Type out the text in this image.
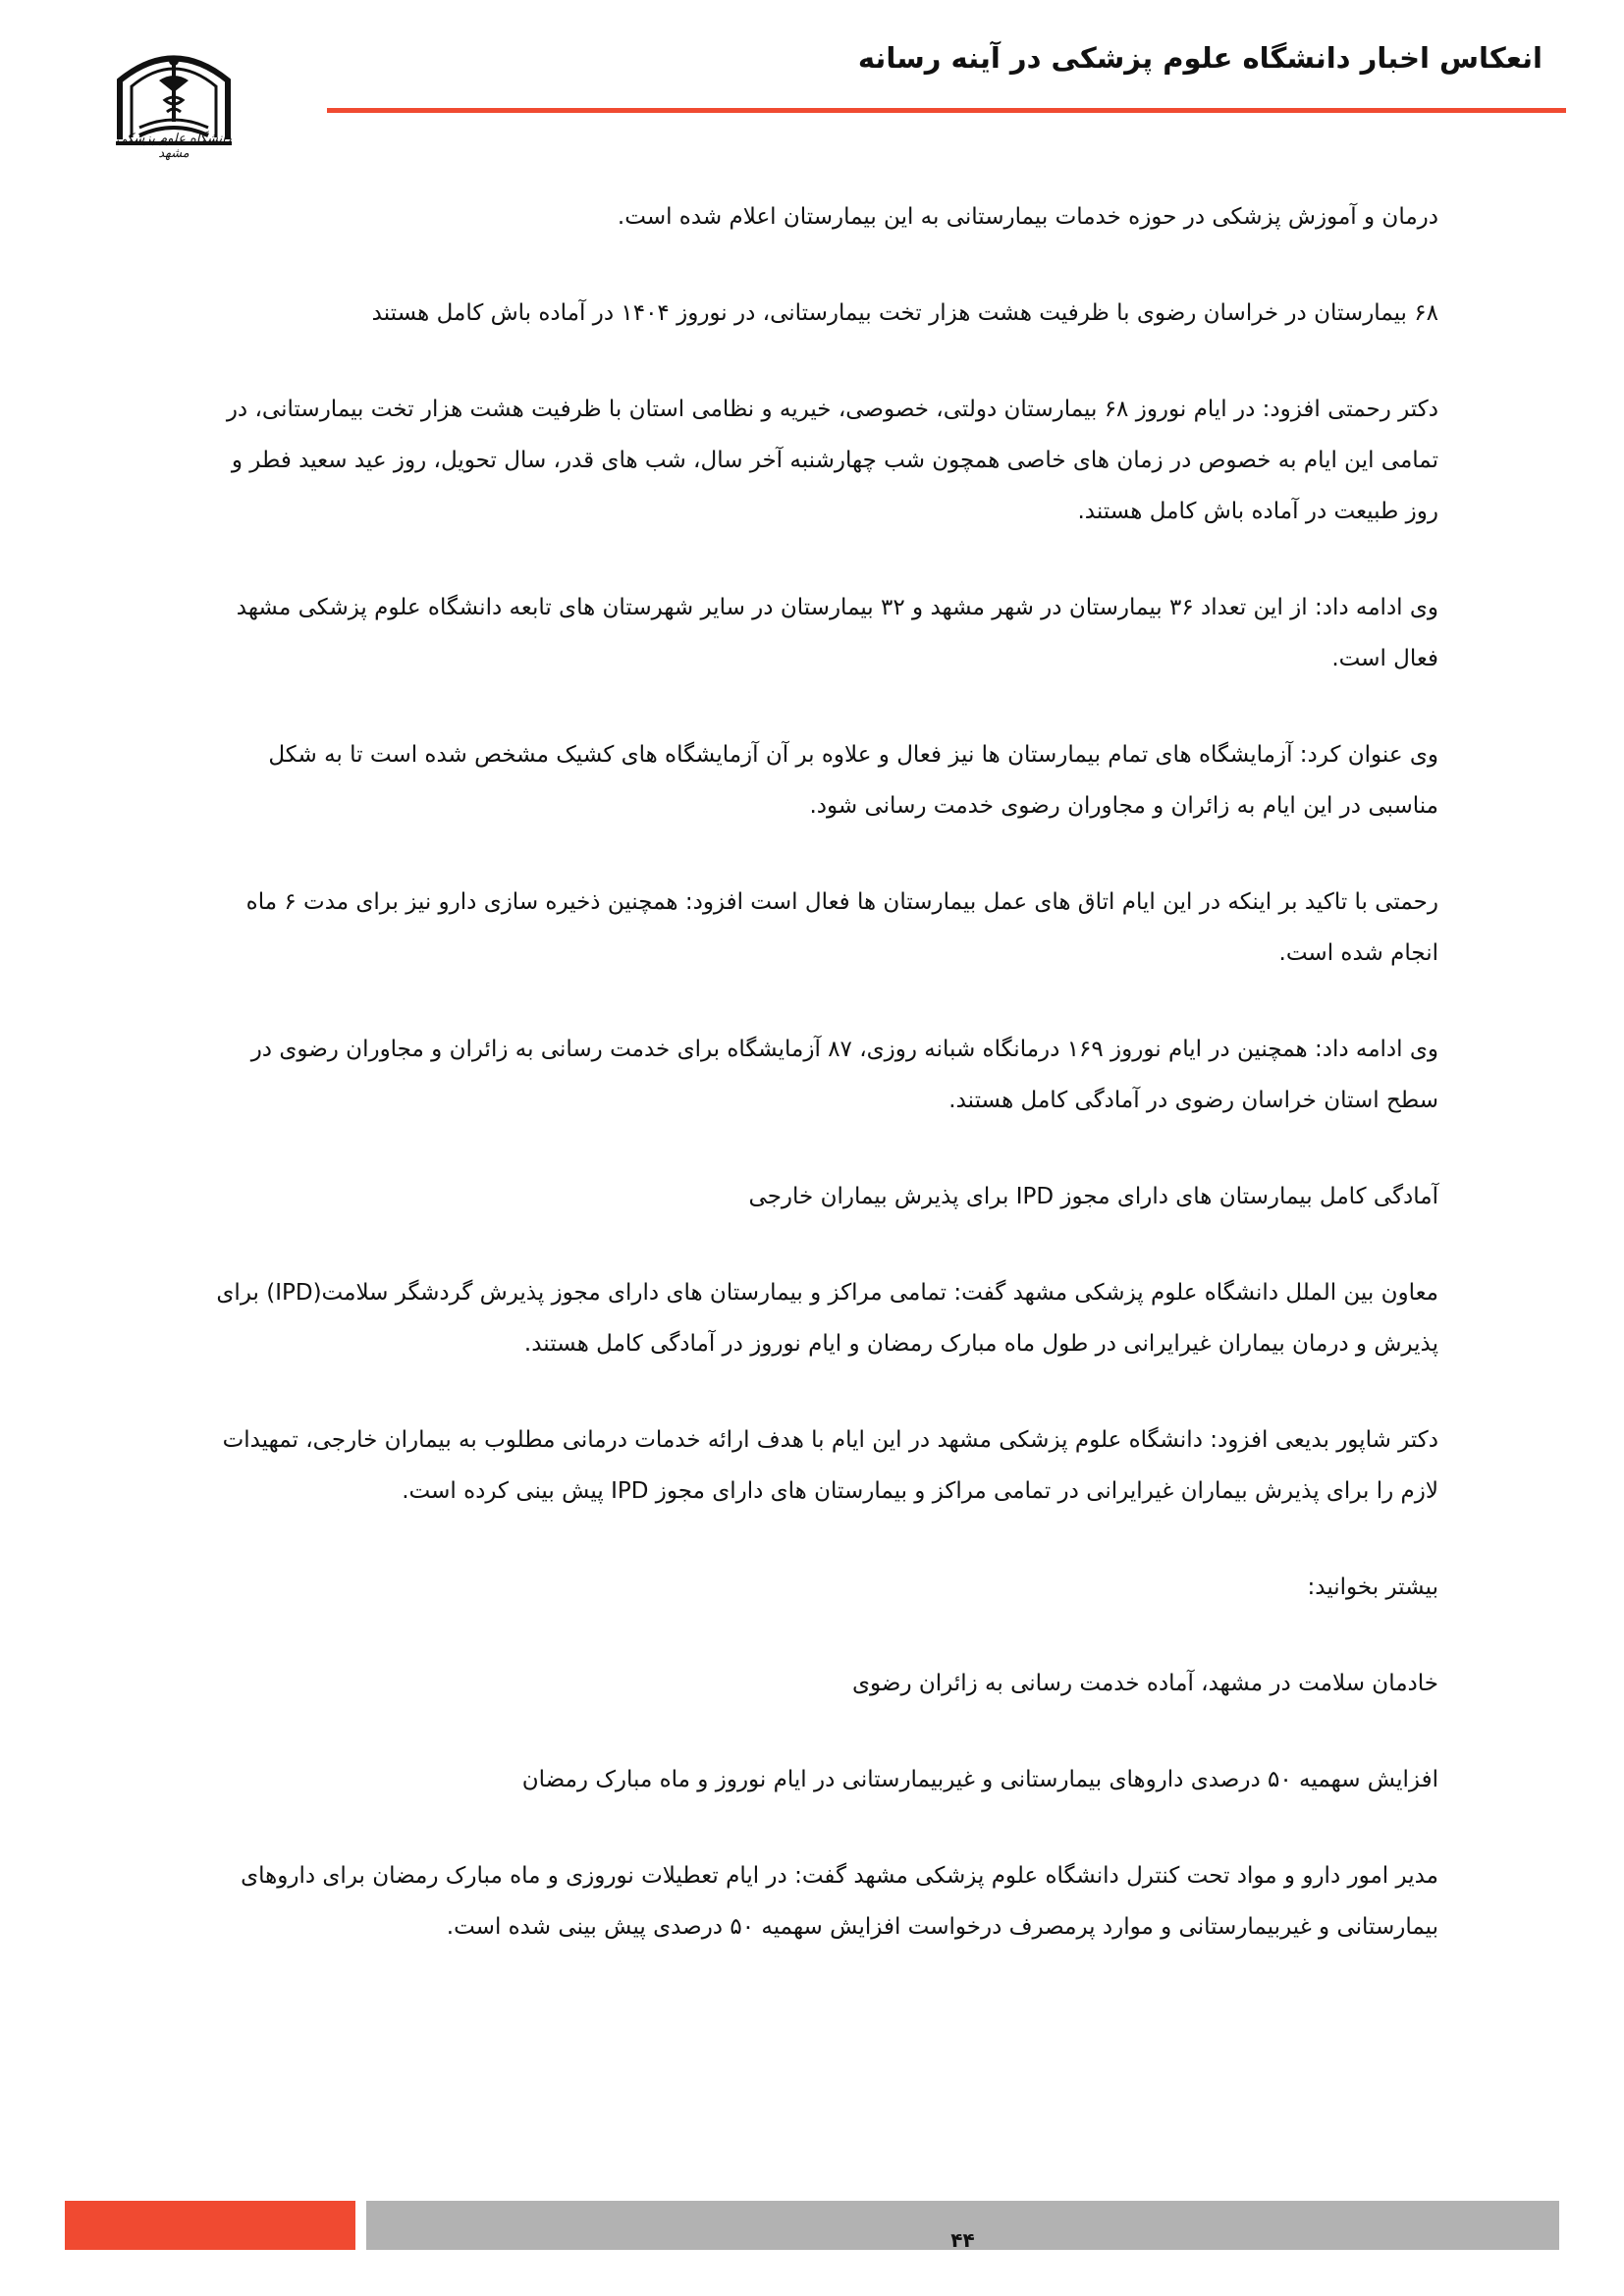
انعکاس اخبار دانشگاه علوم پزشکی در آینه رسانه
دانشگاه علوم پزشکی مشهد

درمان و آموزش پزشکی در حوزه خدمات بیمارستانی به این بیمارستان اعلام شده است.

۶۸ بیمارستان در خراسان رضوی با ظرفیت هشت هزار تخت بیمارستانی، در نوروز ۱۴۰۴ در آماده باش کامل هستند

دکتر رحمتی افزود: در ایام نوروز ۶۸ بیمارستان دولتی، خصوصی، خیریه و نظامی استان با ظرفیت هشت هزار تخت بیمارستانی، در تمامی این ایام به خصوص در زمان های خاصی همچون شب چهارشنبه آخر سال، شب های قدر، سال تحویل، روز عید سعید فطر و روز طبیعت در آماده باش کامل هستند.

وی ادامه داد: از این تعداد ۳۶ بیمارستان در شهر مشهد و ۳۲ بیمارستان در سایر شهرستان های تابعه دانشگاه علوم پزشکی مشهد فعال است.

وی عنوان کرد: آزمایشگاه های تمام بیمارستان ها نیز فعال و علاوه بر آن آزمایشگاه های کشیک مشخص شده است تا به شکل مناسبی در این ایام به زائران و مجاوران رضوی خدمت رسانی شود.

رحمتی با تاکید بر اینکه در این ایام اتاق های عمل بیمارستان ها فعال است افزود: همچنین ذخیره سازی دارو نیز برای مدت ۶ ماه انجام شده است.

وی ادامه داد: همچنین در ایام نوروز ۱۶۹ درمانگاه شبانه روزی، ۸۷ آزمایشگاه برای خدمت رسانی به زائران و مجاوران رضوی در سطح استان خراسان رضوی در آمادگی کامل هستند.

آمادگی کامل بیمارستان های دارای مجوز IPD برای پذیرش بیماران خارجی

معاون بین الملل دانشگاه علوم پزشکی مشهد گفت: تمامی مراکز و بیمارستان های دارای مجوز پذیرش گردشگر سلامت(IPD) برای پذیرش و درمان بیماران غیرایرانی در طول ماه مبارک رمضان و ایام نوروز در آمادگی کامل هستند.

دکتر شاپور بدیعی افزود: دانشگاه علوم پزشکی مشهد در این ایام با هدف ارائه خدمات درمانی مطلوب به بیماران خارجی، تمهیدات لازم را برای پذیرش بیماران غیرایرانی در تمامی مراکز و بیمارستان های دارای مجوز IPD پیش بینی کرده است.

بیشتر بخوانید:

خادمان سلامت در مشهد، آماده خدمت رسانی به زائران رضوی

افزایش سهمیه ۵۰ درصدی داروهای بیمارستانی و غیربیمارستانی در ایام نوروز و ماه مبارک رمضان

مدیر امور دارو و مواد تحت کنترل دانشگاه علوم پزشکی مشهد گفت: در ایام تعطیلات نوروزی و ماه مبارک رمضان برای داروهای بیمارستانی و غیربیمارستانی و موارد پرمصرف درخواست افزایش سهمیه ۵۰ درصدی پیش بینی شده است.

۴۴
